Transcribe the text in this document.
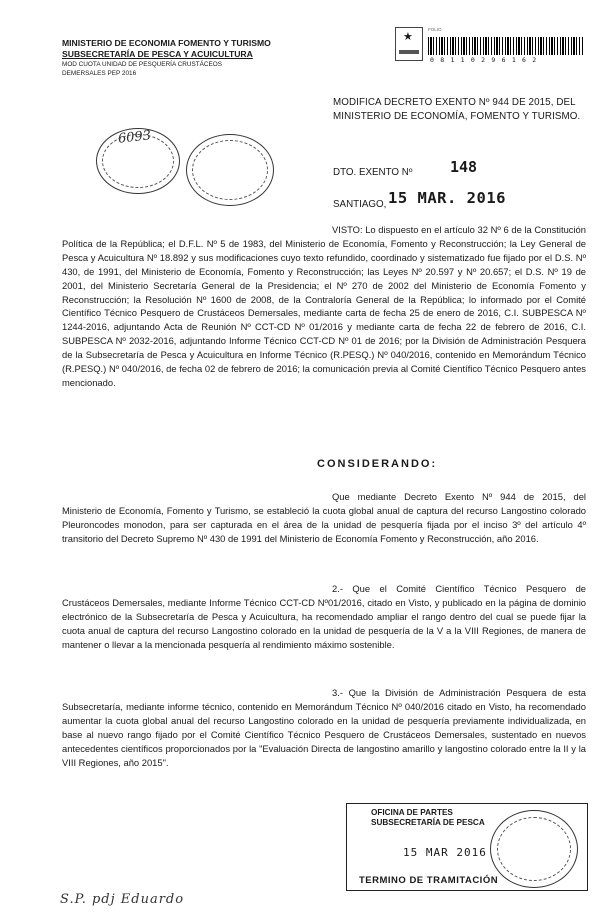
MINISTERIO DE ECONOMIA FOMENTO Y TURISMO
SUBSECRETARÍA DE PESCA Y ACUICULTURA
MOD CUOTA UNIDAD DE PESQUERÍA CRUSTÁCEOS
DEMERSALES PEP 2016
★
FOLIO
0 8 1 1 0 2 9 6 1 6 2
6093
MODIFICA DECRETO EXENTO Nº 944 DE 2015, DEL MINISTERIO DE ECONOMÍA, FOMENTO Y TURISMO.
DTO. EXENTO Nº	148
SANTIAGO, 15 MAR. 2016

VISTO: Lo dispuesto en el artículo 32 Nº 6 de la Constitución Política de la República; el D.F.L. Nº 5 de 1983, del Ministerio de Economía, Fomento y Reconstrucción; la Ley General de Pesca y Acuicultura Nº 18.892 y sus modificaciones cuyo texto refundido, coordinado y sistematizado fue fijado por el D.S. Nº 430, de 1991, del Ministerio de Economía, Fomento y Reconstrucción; las Leyes Nº 20.597 y Nº 20.657; el D.S. Nº 19 de 2001, del Ministerio Secretaría General de la Presidencia; el Nº 270 de 2002 del Ministerio de Economía Fomento y Reconstrucción; la Resolución Nº 1600 de 2008, de la Contraloría General de la República; lo informado por el Comité Científico Técnico Pesquero de Crustáceos Demersales, mediante carta de fecha 25 de enero de 2016, C.I. SUBPESCA Nº 1244-2016, adjuntando Acta de Reunión Nº CCT-CD Nº 01/2016 y mediante carta de fecha 22 de febrero de 2016, C.I. SUBPESCA Nº 2032-2016, adjuntando Informe Técnico CCT-CD Nº 01 de 2016; por la División de Administración Pesquera de la Subsecretaría de Pesca y Acuicultura en Informe Técnico (R.PESQ.) Nº 040/2016, contenido en Memorándum Técnico (R.PESQ.) Nº 040/2016, de fecha 02 de febrero de 2016; la comunicación previa al Comité Científico Técnico Pesquero antes mencionado.

CONSIDERANDO:

Que mediante Decreto Exento Nº 944 de 2015, del Ministerio de Economía, Fomento y Turismo, se estableció la cuota global anual de captura del recurso Langostino colorado Pleuroncodes monodon, para ser capturada en el área de la unidad de pesquería fijada por el inciso 3º del artículo 4º transitorio del Decreto Supremo Nº 430 de 1991 del Ministerio de Economía Fomento y Reconstrucción, año 2016.

2.- Que el Comité Científico Técnico Pesquero de Crustáceos Demersales, mediante Informe Técnico CCT-CD Nº01/2016, citado en Visto, y publicado en la página de dominio electrónico de la Subsecretaría de Pesca y Acuicultura, ha recomendado ampliar el rango dentro del cual se puede fijar la cuota anual de captura del recurso Langostino colorado en la unidad de pesquería de la V a la VIII Regiones, de manera de mantener o llevar a la mencionada pesquería al rendimiento máximo sostenible.

3.- Que la División de Administración Pesquera de esta Subsecretaría, mediante informe técnico, contenido en Memorándum Técnico Nº 040/2016 citado en Visto, ha recomendado aumentar la cuota global anual del recurso Langostino colorado en la unidad de pesquería previamente individualizada, en base al nuevo rango fijado por el Comité Científico Técnico Pesquero de Crustáceos Demersales, sustentado en nuevos antecedentes científicos proporcionados por la "Evaluación Directa de langostino amarillo y langostino colorado entre la II y la VIII Regiones, año 2015".

OFICINA DE PARTES
SUBSECRETARÍA DE PESCA
15 MAR 2016
TERMINO DE TRAMITACIÓN
S.P. pdj Eduardo
